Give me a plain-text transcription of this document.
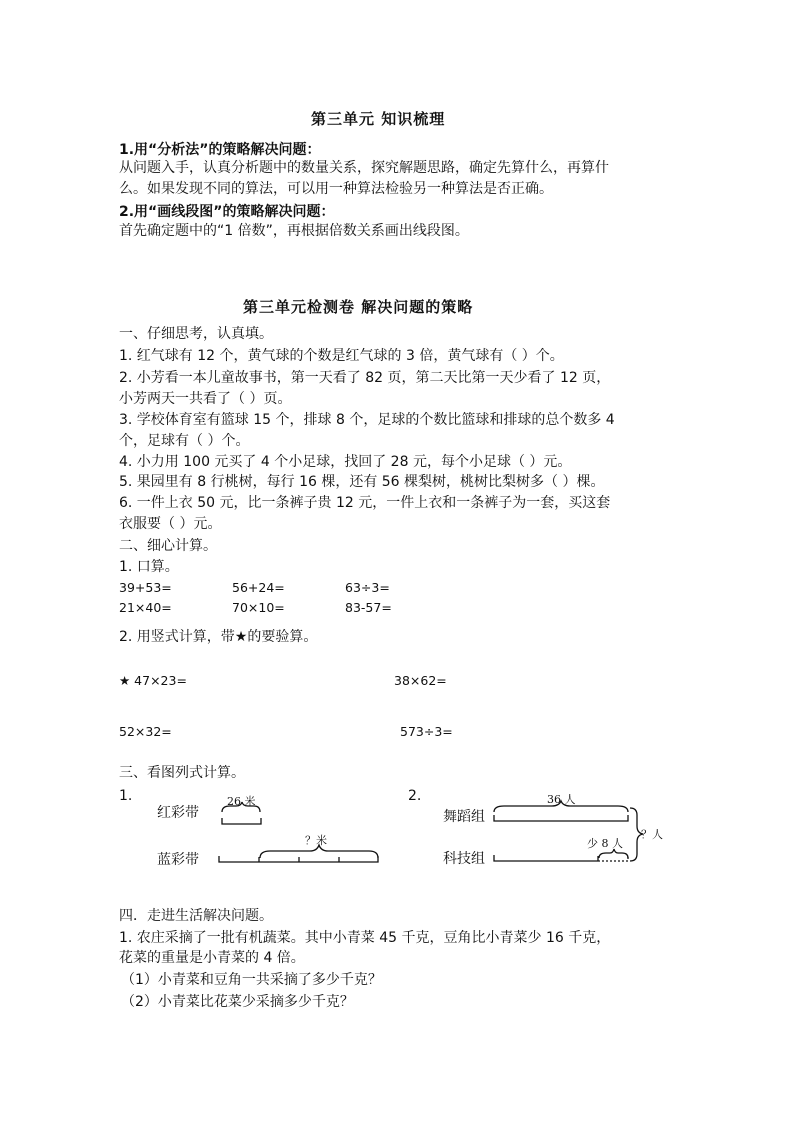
第三单元 知识梳理
1.用“分析法”的策略解决问题：
从问题入手，认真分析题中的数量关系，探究解题思路，确定先算什么，再算什
么。如果发现不同的算法，可以用一种算法检验另一种算法是否正确。
2.用“画线段图”的策略解决问题：
首先确定题中的“1 倍数”，再根据倍数关系画出线段图。
第三单元检测卷 解决问题的策略
一、仔细思考，认真填。
1. 红气球有 12 个，黄气球的个数是红气球的 3 倍，黄气球有（ ）个。
2. 小芳看一本儿童故事书，第一天看了 82 页，第二天比第一天少看了 12 页，
小芳两天一共看了（ ）页。
3. 学校体育室有篮球 15 个，排球 8 个，足球的个数比篮球和排球的总个数多 4
个，足球有（ ）个。
4. 小力用 100 元买了 4 个小足球，找回了 28 元，每个小足球（ ）元。
5. 果园里有 8 行桃树，每行 16 棵，还有 56 棵梨树，桃树比梨树多（ ）棵。
6. 一件上衣 50 元，比一条裤子贵 12 元，一件上衣和一条裤子为一套，买这套
衣服要（ ）元。
二、细心计算。
1. 口算。
39+53=	56+24=	63÷3=
21×40=	70×10=	83-57=
2. 用竖式计算，带★的要验算。
★ 47×23=	38×62=
52×32=	573÷3=
三、看图列式计算。
1.
红彩带
蓝彩带
26 米
？米
2.
舞蹈组
科技组
36 人
少 8 人
？人
四．走进生活解决问题。
1. 农庄采摘了一批有机蔬菜。其中小青菜 45 千克，豆角比小青菜少 16 千克，
花菜的重量是小青菜的 4 倍。
（1）小青菜和豆角一共采摘了多少千克？
（2）小青菜比花菜少采摘多少千克？
